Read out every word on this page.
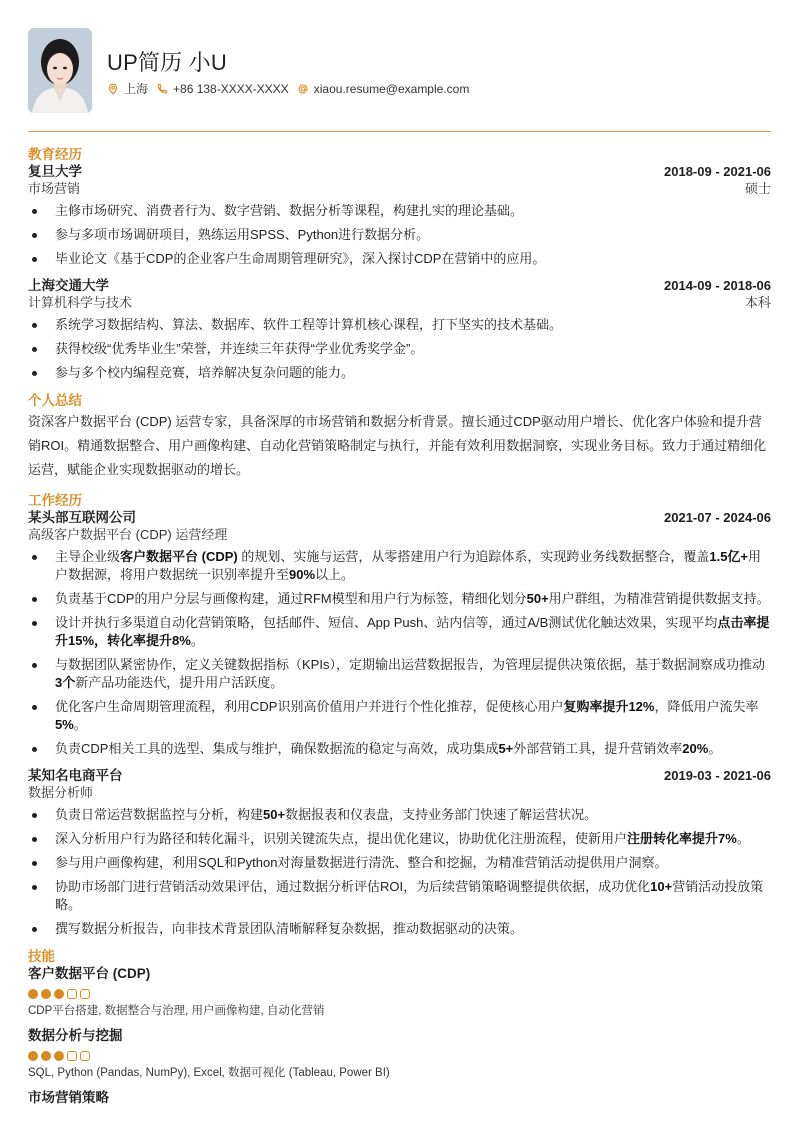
UP简历 小U
上海 +86 138-XXXX-XXXX xiaou.resume@example.com
教育经历
复旦大学	2018-09 - 2021-06
市场营销	硕士
主修市场研究、消费者行为、数字营销、数据分析等课程，构建扎实的理论基础。
参与多项市场调研项目，熟练运用SPSS、Python进行数据分析。
毕业论文《基于CDP的企业客户生命周期管理研究》，深入探讨CDP在营销中的应用。
上海交通大学	2014-09 - 2018-06
计算机科学与技术	本科
系统学习数据结构、算法、数据库、软件工程等计算机核心课程，打下坚实的技术基础。
获得校级“优秀毕业生”荣誉，并连续三年获得“学业优秀奖学金”。
参与多个校内编程竞赛，培养解决复杂问题的能力。
个人总结
资深客户数据平台 (CDP) 运营专家，具备深厚的市场营销和数据分析背景。擅长通过CDP驱动用户增长、优化客户体验和提升营销ROI。精通数据整合、用户画像构建、自动化营销策略制定与执行，并能有效利用数据洞察，实现业务目标。致力于通过精细化运营，赋能企业实现数据驱动的增长。
工作经历
某头部互联网公司	2021-07 - 2024-06
高级客户数据平台 (CDP) 运营经理
主导企业级客户数据平台 (CDP) 的规划、实施与运营，从零搭建用户行为追踪体系，实现跨业务线数据整合，覆盖1.5亿+用户数据源，将用户数据统一识别率提升至90%以上。
负责基于CDP的用户分层与画像构建，通过RFM模型和用户行为标签，精细化划分50+用户群组，为精准营销提供数据支持。
设计并执行多渠道自动化营销策略，包括邮件、短信、App Push、站内信等，通过A/B测试优化触达效果，实现平均点击率提升15%，转化率提升8%。
与数据团队紧密协作，定义关键数据指标（KPIs），定期输出运营数据报告，为管理层提供决策依据，基于数据洞察成功推动3个新产品功能迭代，提升用户活跃度。
优化客户生命周期管理流程，利用CDP识别高价值用户并进行个性化推荐，促使核心用户复购率提升12%，降低用户流失率5%。
负责CDP相关工具的选型、集成与维护，确保数据流的稳定与高效，成功集成5+外部营销工具，提升营销效率20%。
某知名电商平台	2019-03 - 2021-06
数据分析师
负责日常运营数据监控与分析，构建50+数据报表和仪表盘，支持业务部门快速了解运营状况。
深入分析用户行为路径和转化漏斗，识别关键流失点，提出优化建议，协助优化注册流程，使新用户注册转化率提升7%。
参与用户画像构建，利用SQL和Python对海量数据进行清洗、整合和挖掘，为精准营销活动提供用户洞察。
协助市场部门进行营销活动效果评估，通过数据分析评估ROI，为后续营销策略调整提供依据，成功优化10+营销活动投放策略。
撰写数据分析报告，向非技术背景团队清晰解释复杂数据，推动数据驱动的决策。
技能
客户数据平台 (CDP)
CDP平台搭建, 数据整合与治理, 用户画像构建, 自动化营销
数据分析与挖掘
SQL, Python (Pandas, NumPy), Excel, 数据可视化 (Tableau, Power BI)
市场营销策略
